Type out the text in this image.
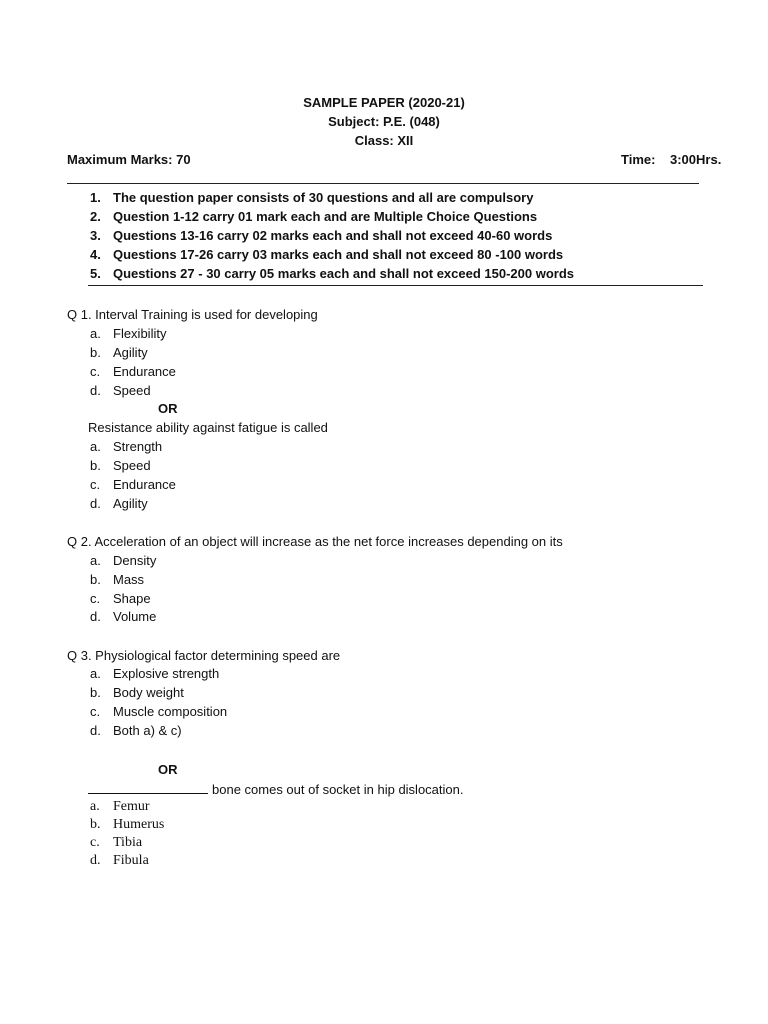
SAMPLE PAPER (2020-21)
Subject: P.E. (048)
Class: XII
Maximum Marks: 70	Time: 3:00Hrs.
1. The question paper consists of 30 questions and all are compulsory
2. Question 1-12 carry 01 mark each and are Multiple Choice Questions
3. Questions 13-16 carry 02 marks each and shall not exceed 40-60 words
4. Questions 17-26 carry 03 marks each and shall not exceed 80 -100 words
5. Questions 27 - 30 carry 05 marks each and shall not exceed 150-200 words
Q 1. Interval Training is used for developing
a. Flexibility
b. Agility
c. Endurance
d. Speed
OR
Resistance ability against fatigue is called
a. Strength
b. Speed
c. Endurance
d. Agility
Q 2. Acceleration of an object will increase as the net force increases depending on its
a. Density
b. Mass
c. Shape
d. Volume
Q 3. Physiological factor determining speed are
a. Explosive strength
b. Body weight
c. Muscle composition
d. Both a) & c)
OR
bone comes out of socket in hip dislocation.
a. Femur
b. Humerus
c. Tibia
d. Fibula
